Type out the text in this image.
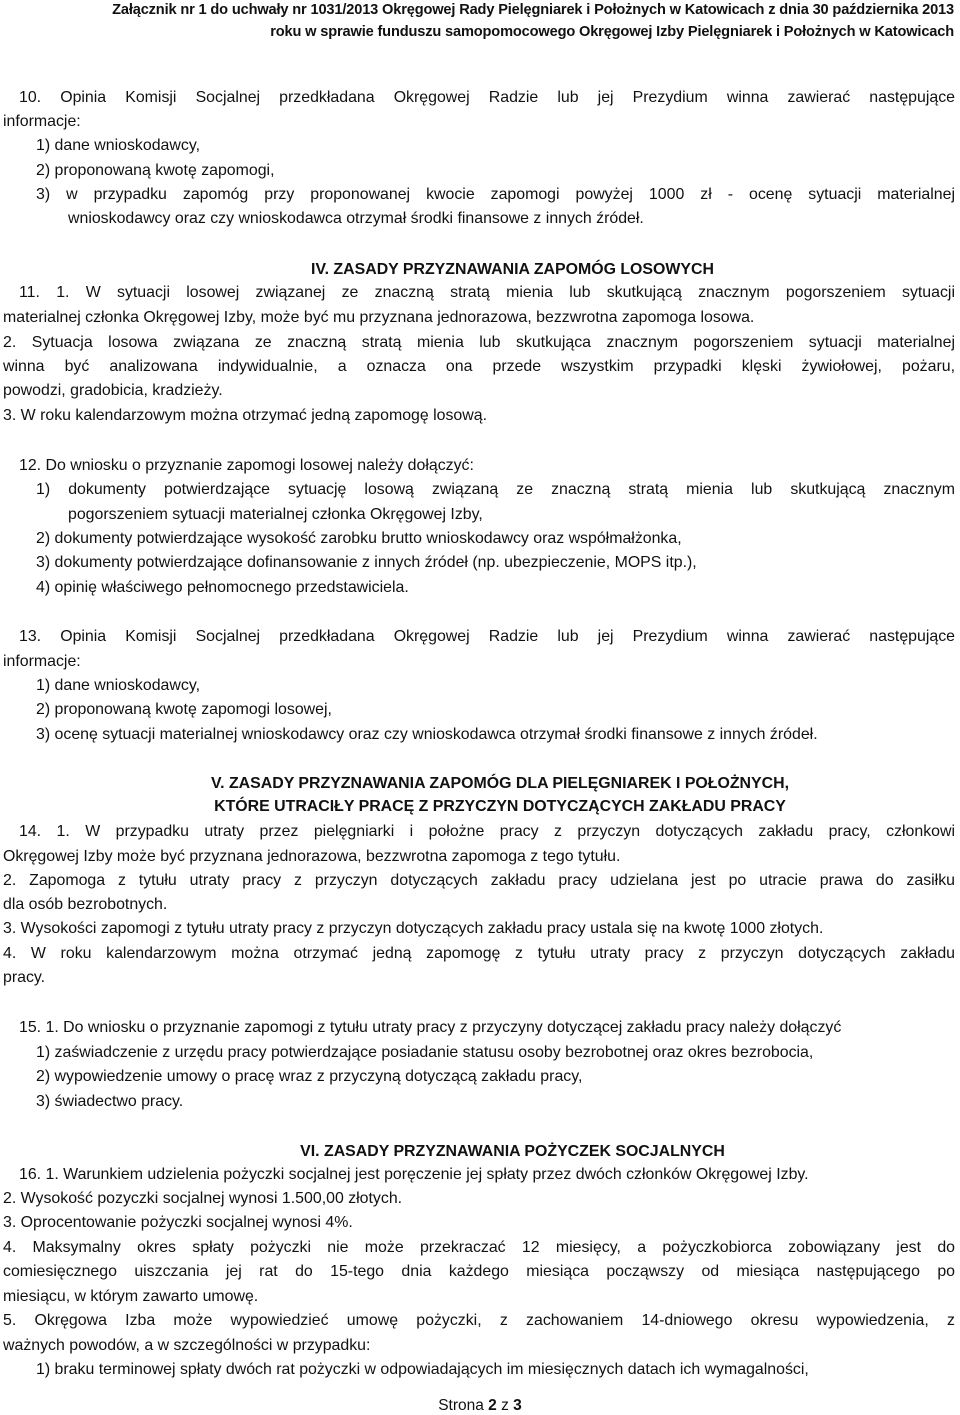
Załącznik nr 1 do uchwały nr 1031/2013 Okręgowej Rady Pielęgniarek i Położnych w Katowicach z dnia 30 października 2013
roku w sprawie funduszu samopomocowego Okręgowej Izby Pielęgniarek i Położnych w Katowicach
10. Opinia Komisji Socjalnej przedkładana Okręgowej Radzie lub jej Prezydium winna zawierać następujące
informacje:
1) dane wnioskodawcy,
2) proponowaną kwotę zapomogi,
3) w przypadku zapomóg przy proponowanej kwocie zapomogi powyżej 1000 zł - ocenę sytuacji materialnej
wnioskodawcy oraz czy wnioskodawca otrzymał środki finansowe z innych źródeł.
IV. ZASADY PRZYZNAWANIA ZAPOMÓG LOSOWYCH
11. 1. W sytuacji losowej związanej ze znaczną stratą mienia lub skutkującą znacznym pogorszeniem sytuacji
materialnej członka Okręgowej Izby, może być mu przyznana jednorazowa, bezzwrotna zapomoga losowa.
2. Sytuacja losowa związana ze znaczną stratą mienia lub skutkująca znacznym pogorszeniem sytuacji materialnej
winna być analizowana indywidualnie, a oznacza ona przede wszystkim przypadki klęski żywiołowej, pożaru,
powodzi, gradobicia, kradzieży.
3. W roku kalendarzowym można otrzymać jedną zapomogę losową.
12. Do wniosku o przyznanie zapomogi losowej należy dołączyć:
1) dokumenty potwierdzające sytuację losową związaną ze znaczną stratą mienia lub skutkującą znacznym
pogorszeniem sytuacji materialnej członka Okręgowej Izby,
2) dokumenty potwierdzające wysokość zarobku brutto wnioskodawcy oraz współmałżonka,
3) dokumenty potwierdzające dofinansowanie z innych źródeł (np. ubezpieczenie, MOPS itp.),
4) opinię właściwego pełnomocnego przedstawiciela.
13. Opinia Komisji Socjalnej przedkładana Okręgowej Radzie lub jej Prezydium winna zawierać następujące
informacje:
1) dane wnioskodawcy,
2) proponowaną kwotę zapomogi losowej,
3) ocenę sytuacji materialnej wnioskodawcy oraz czy wnioskodawca otrzymał środki finansowe z innych źródeł.
V. ZASADY PRZYZNAWANIA ZAPOMÓG DLA PIELĘGNIAREK I POŁOŻNYCH,
KTÓRE UTRACIŁY PRACĘ Z PRZYCZYN DOTYCZĄCYCH ZAKŁADU PRACY
14. 1. W przypadku utraty przez pielęgniarki i położne pracy z przyczyn dotyczących zakładu pracy, członkowi
Okręgowej Izby może być przyznana jednorazowa, bezzwrotna zapomoga z tego tytułu.
2. Zapomoga z tytułu utraty pracy z przyczyn dotyczących zakładu pracy udzielana jest po utracie prawa do zasiłku
dla osób bezrobotnych.
3. Wysokości zapomogi z tytułu utraty pracy z przyczyn dotyczących zakładu pracy ustala się na kwotę 1000 złotych.
4. W roku kalendarzowym można otrzymać jedną zapomogę z tytułu utraty pracy z przyczyn dotyczących zakładu
pracy.
15. 1. Do wniosku o przyznanie zapomogi z tytułu utraty pracy z przyczyny dotyczącej zakładu pracy należy dołączyć
1) zaświadczenie z urzędu pracy potwierdzające posiadanie statusu osoby bezrobotnej oraz okres bezrobocia,
2) wypowiedzenie umowy o pracę wraz z przyczyną dotyczącą zakładu pracy,
3) świadectwo pracy.
VI. ZASADY PRZYZNAWANIA POŻYCZEK SOCJALNYCH
16. 1. Warunkiem udzielenia pożyczki socjalnej jest poręczenie jej spłaty przez dwóch członków Okręgowej Izby.
2. Wysokość pozyczki socjalnej wynosi 1.500,00 złotych.
3. Oprocentowanie pożyczki socjalnej wynosi 4%.
4. Maksymalny okres spłaty pożyczki nie może przekraczać 12 miesięcy, a pożyczkobiorca zobowiązany jest do
comiesięcznego uiszczania jej rat do 15-tego dnia każdego miesiąca począwszy od miesiąca następującego po
miesiącu, w którym zawarto umowę.
5. Okręgowa Izba może wypowiedzieć umowę pożyczki, z zachowaniem 14-dniowego okresu wypowiedzenia, z
ważnych powodów, a w szczególności w przypadku:
1) braku terminowej spłaty dwóch rat pożyczki w odpowiadających im miesięcznych datach ich wymagalności,
Strona 2 z 3
